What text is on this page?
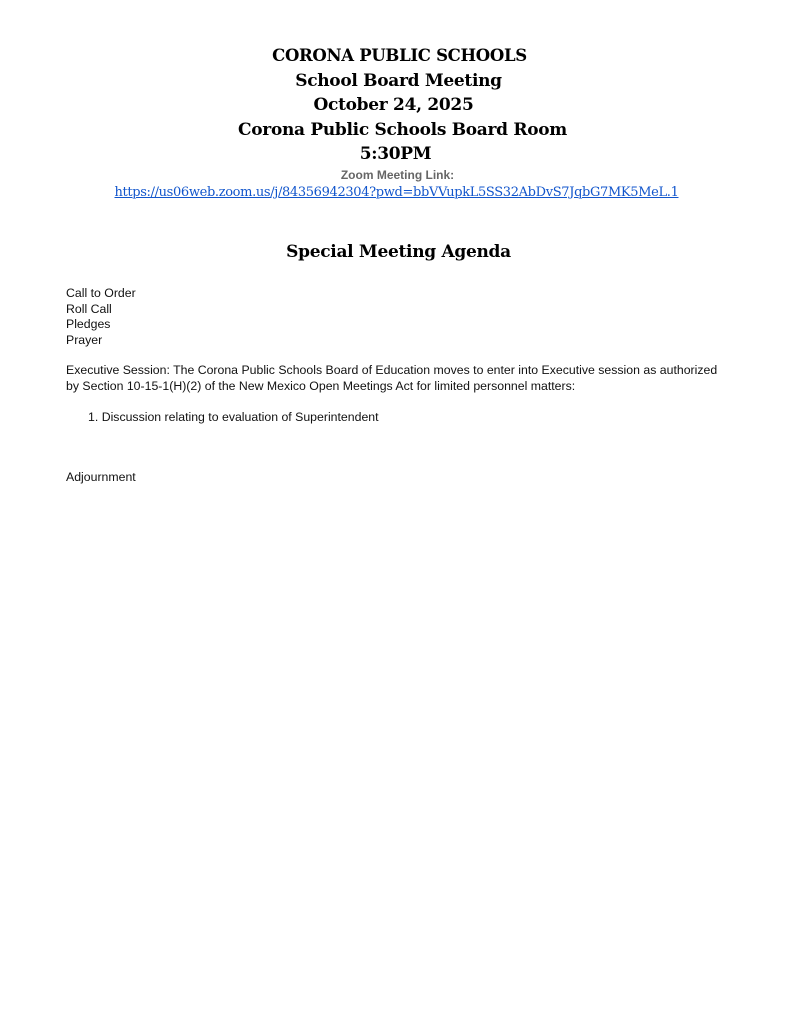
CORONA PUBLIC SCHOOLS

School Board Meeting

October 24, 2025

Corona Public Schools Board Room

5:30PM

Zoom Meeting Link:
https://us06web.zoom.us/j/84356942304?pwd=bbVVupkL5SS32AbDvS7JqbG7MK5MeL.1
Special Meeting Agenda
Call to Order
Roll Call
Pledges
Prayer
Executive Session: The Corona Public Schools Board of Education moves to enter into Executive session as authorized by Section 10-15-1(H)(2) of the New Mexico Open Meetings Act for limited personnel matters:
1. Discussion relating to evaluation of Superintendent
Adjournment
